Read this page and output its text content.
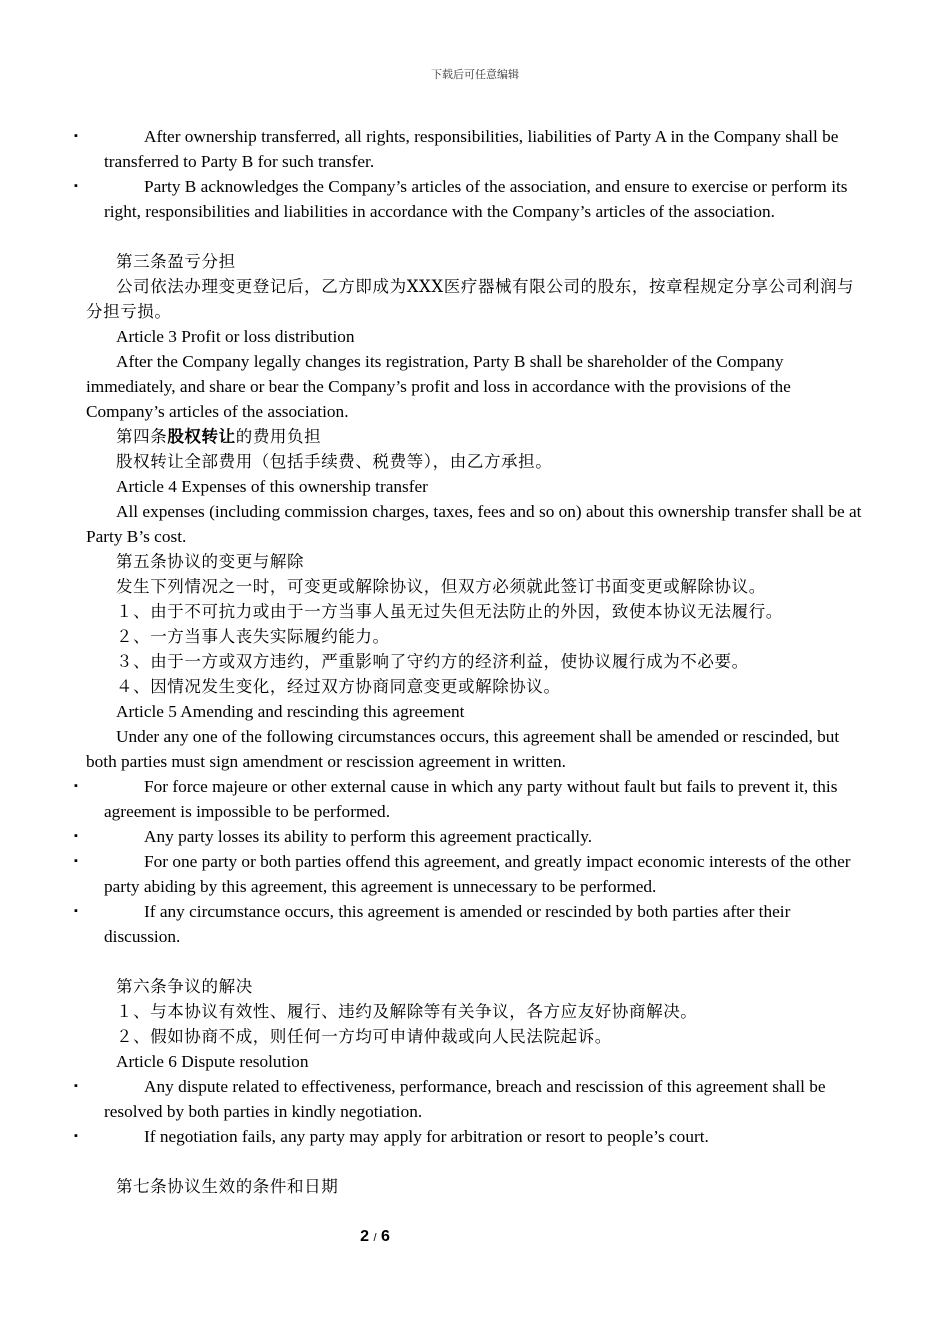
下载后可任意编辑
▪	After ownership transferred, all rights, responsibilities, liabilities of Party A in the Company shall be transferred to Party B for such transfer.
▪	Party B acknowledges the Company’s articles of the association, and ensure to exercise or perform its right, responsibilities and liabilities in accordance with the Company’s articles of the association.
第三条盈亏分担
公司依法办理变更登记后，乙方即成为XXX医疗器械有限公司的股东，按章程规定分享公司利润与分担亏损。
Article 3 Profit or loss distribution
After the Company legally changes its registration, Party B shall be shareholder of the Company immediately, and share or bear the Company’s profit and loss in accordance with the provisions of the Company’s articles of the association.
第四条股权转让的费用负担
股权转让全部费用（包括手续费、税费等），由乙方承担。
Article 4 Expenses of this ownership transfer
All expenses (including commission charges, taxes, fees and so on) about this ownership transfer shall be at Party B’s cost.
第五条协议的变更与解除
发生下列情况之一时，可变更或解除协议，但双方必须就此签订书面变更或解除协议。
１、由于不可抗力或由于一方当事人虽无过失但无法防止的外因，致使本协议无法履行。
２、一方当事人丧失实际履约能力。
３、由于一方或双方违约，严重影响了守约方的经济利益，使协议履行成为不必要。
４、因情况发生变化，经过双方协商同意变更或解除协议。
Article 5 Amending and rescinding this agreement
Under any one of the following circumstances occurs, this agreement shall be amended or rescinded, but both parties must sign amendment or rescission agreement in written.
▪	For force majeure or other external cause in which any party without fault but fails to prevent it, this agreement is impossible to be performed.
▪	Any party losses its ability to perform this agreement practically.
▪	For one party or both parties offend this agreement, and greatly impact economic interests of the other party abiding by this agreement, this agreement is unnecessary to be performed.
▪	If any circumstance occurs, this agreement is amended or rescinded by both parties after their discussion.
第六条争议的解决
１、与本协议有效性、履行、违约及解除等有关争议，各方应友好协商解决。
２、假如协商不成，则任何一方均可申请仲裁或向人民法院起诉。
Article 6 Dispute resolution
▪	Any dispute related to effectiveness, performance, breach and rescission of this agreement shall be resolved by both parties in kindly negotiation.
▪	If negotiation fails, any party may apply for arbitration or resort to people’s court.
第七条协议生效的条件和日期
2 / 6
